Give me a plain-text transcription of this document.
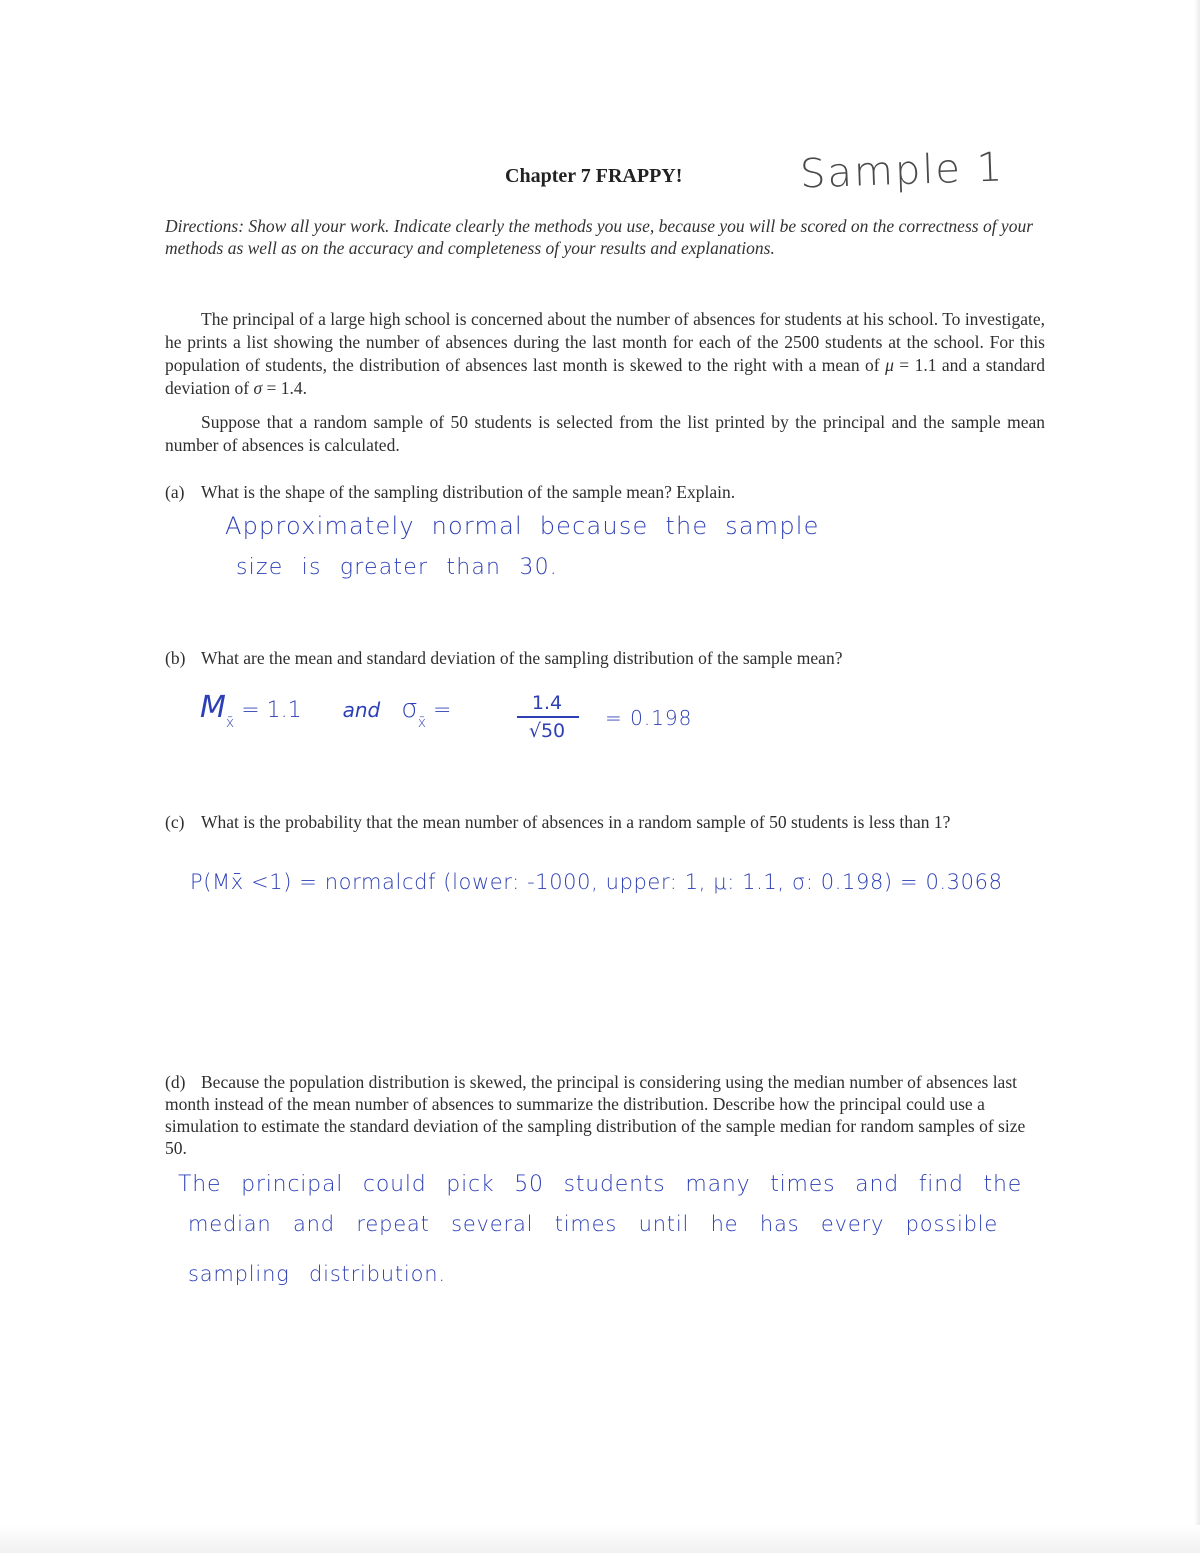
Chapter 7 FRAPPY!	Sample 1
Directions: Show all your work. Indicate clearly the methods you use, because you will be scored on the correctness of your methods as well as on the accuracy and completeness of your results and explanations.
The principal of a large high school is concerned about the number of absences for students at his school. To investigate, he prints a list showing the number of absences during the last month for each of the 2500 students at the school. For this population of students, the distribution of absences last month is skewed to the right with a mean of μ = 1.1 and a standard deviation of σ = 1.4.
Suppose that a random sample of 50 students is selected from the list printed by the principal and the sample mean number of absences is calculated.
(a) What is the shape of the sampling distribution of the sample mean? Explain.
Approximately normal because the sample
size is greater than 30.
(b) What are the mean and standard deviation of the sampling distribution of the sample mean?
$M_{x̄} = 1.1$ and $\sigma_{x̄}$ =	1.4
√50
= 0.198
(c) What is the probability that the mean number of absences in a random sample of 50 students is less than 1?
P(Mx̄ <1) = normalcdf (lower: -1000, upper: 1, μ: 1.1, σ: 0.198) = 0.3068
(d) Because the population distribution is skewed, the principal is considering using the median number of absences last month instead of the mean number of absences to summarize the distribution. Describe how the principal could use a simulation to estimate the standard deviation of the sampling distribution of the sample median for random samples of size 50.
The principal could pick 50 students many times and find the
median and repeat several times until he has every possible
sampling distribution.
